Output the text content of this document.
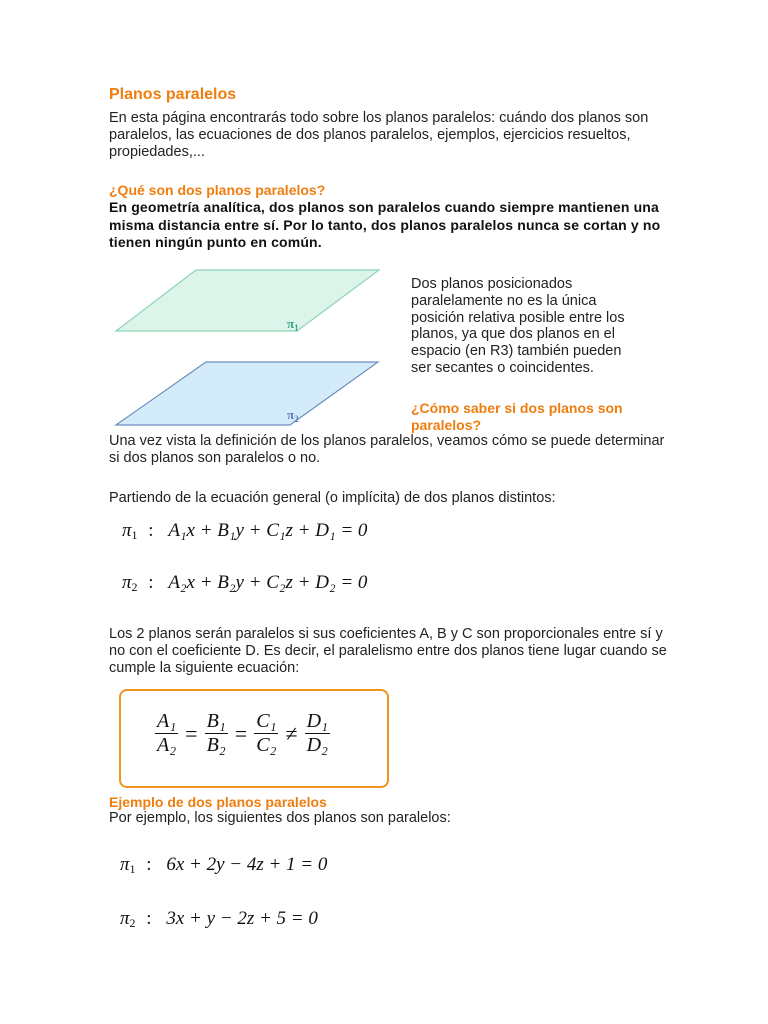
Planos paralelos
En esta página encontrarás todo sobre los planos paralelos: cuándo dos planos son paralelos, las ecuaciones de dos planos paralelos, ejemplos, ejercicios resueltos, propiedades,...
¿Qué son dos planos paralelos?
En geometría analítica, dos planos son paralelos cuando siempre mantienen una misma distancia entre sí. Por lo tanto, dos planos paralelos nunca se cortan y no tienen ningún punto en común.
$\pi_1$
$\pi_2$
Dos planos posicionados paralelamente no es la única posición relativa posible entre los planos, ya que dos planos en el espacio (en R3) también pueden ser secantes o coincidentes.
¿Cómo saber si dos planos son paralelos?
Una vez vista la definición de los planos paralelos, veamos cómo se puede determinar si dos planos son paralelos o no.
Partiendo de la ecuación general (o implícita) de dos planos distintos:
$\pi_1$ : A₁x + B₁y + C₁z + D₁ = 0
$\pi_2$ : A₂x + B₂y + C₂z + D₂ = 0
Los 2 planos serán paralelos si sus coeficientes A, B y C son proporcionales entre sí y no con el coeficiente D. Es decir, el paralelismo entre dos planos tiene lugar cuando se cumple la siguiente ecuación:
$\frac{\text{A₁}}{\text{A₂}} = \frac{\text{B₁}}{\text{B₂}} = \frac{\text{C₁}}{\text{C₂}} \ne \frac{\text{D₁}}{\text{D₂}}$
Ejemplo de dos planos paralelos
Por ejemplo, los siguientes dos planos son paralelos:
$\pi_1$ : 6x + 2y − 4z + 1 = 0
$\pi_2$ : 3x + y − 2z + 5 = 0
